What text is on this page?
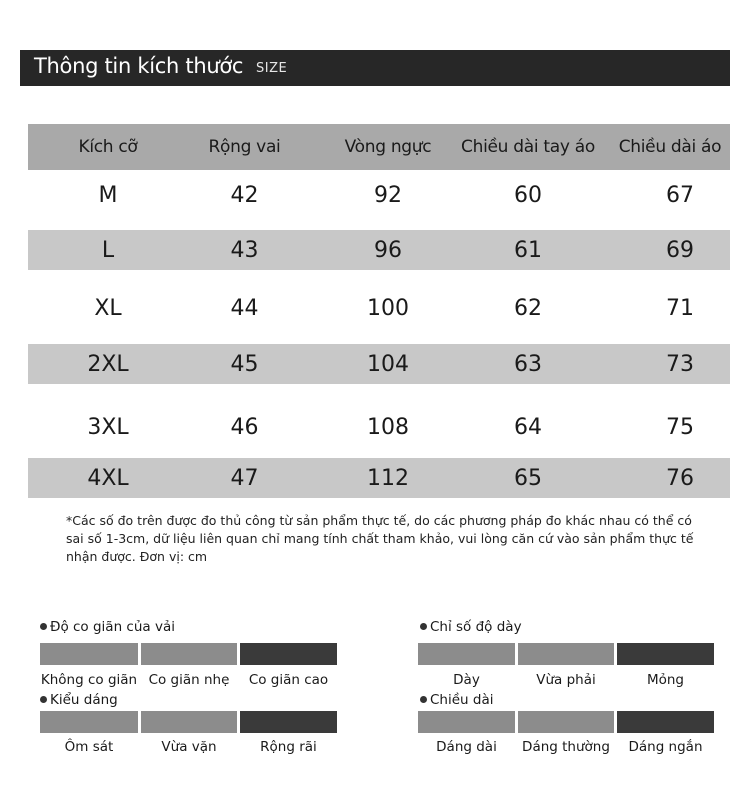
Thông tin kích thước SIZE
Kích cỡ	Rộng vai	Vòng ngực	Chiều dài tay áo	Chiều dài áo
M	42	92	60	67
L	43	96	61	69
XL	44	100	62	71
2XL	45	104	63	73
3XL	46	108	64	75
4XL	47	112	65	76
*Các số đo trên được đo thủ công từ sản phẩm thực tế, do các phương pháp đo khác nhau có thể có sai số 1-3cm, dữ liệu liên quan chỉ mang tính chất tham khảo, vui lòng căn cứ vào sản phẩm thực tế nhận được. Đơn vị: cm
Độ co giãn của vải
Không co giãn Co giãn nhẹ	Co giãn cao
Kiểu dáng
Ôm sát	Vừa vặn	Rộng rãi
Chỉ số độ dày
Dày	Vừa phải	Mỏng
Chiều dài
Dáng dài	Dáng thường	Dáng ngắn
